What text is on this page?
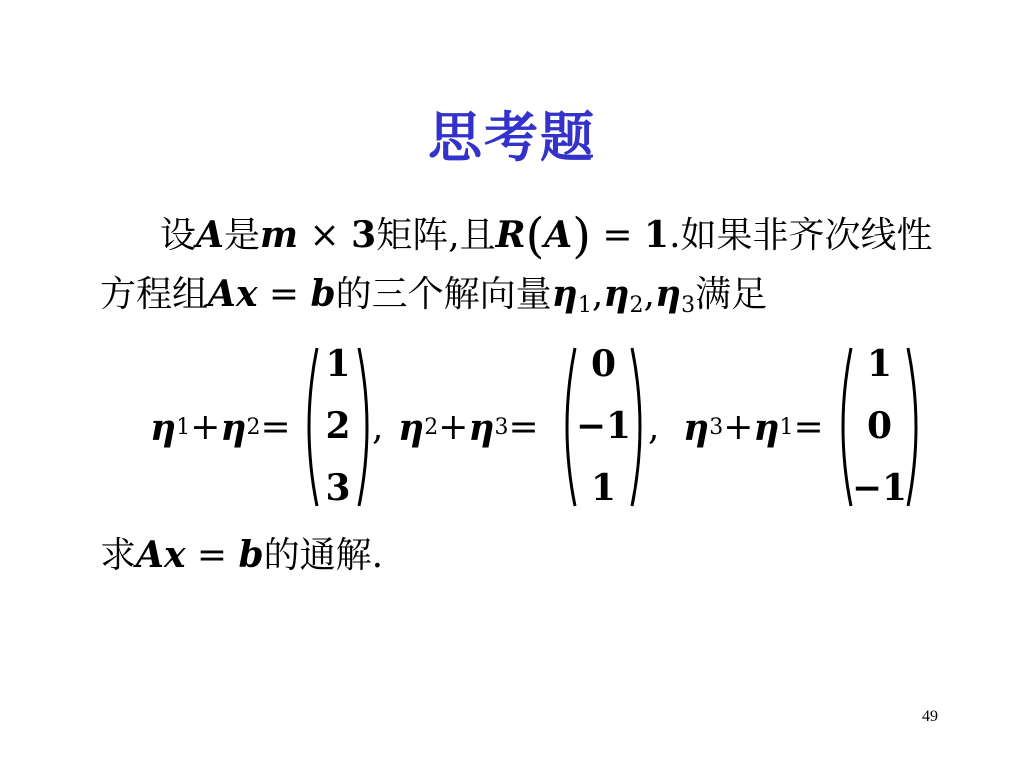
思考题
设A是m × 3矩阵,且R(A) = 1.如果非齐次线性
方程组Ax = b的三个解向量$\eta_1,\eta_2,\eta_3$满足
η 1 + η 2 =
1
2
3
, η 2 + η 3 =
0
−1
1
, η 3 + η 1 =
1
0
−1
求Ax = b的通解.
49
